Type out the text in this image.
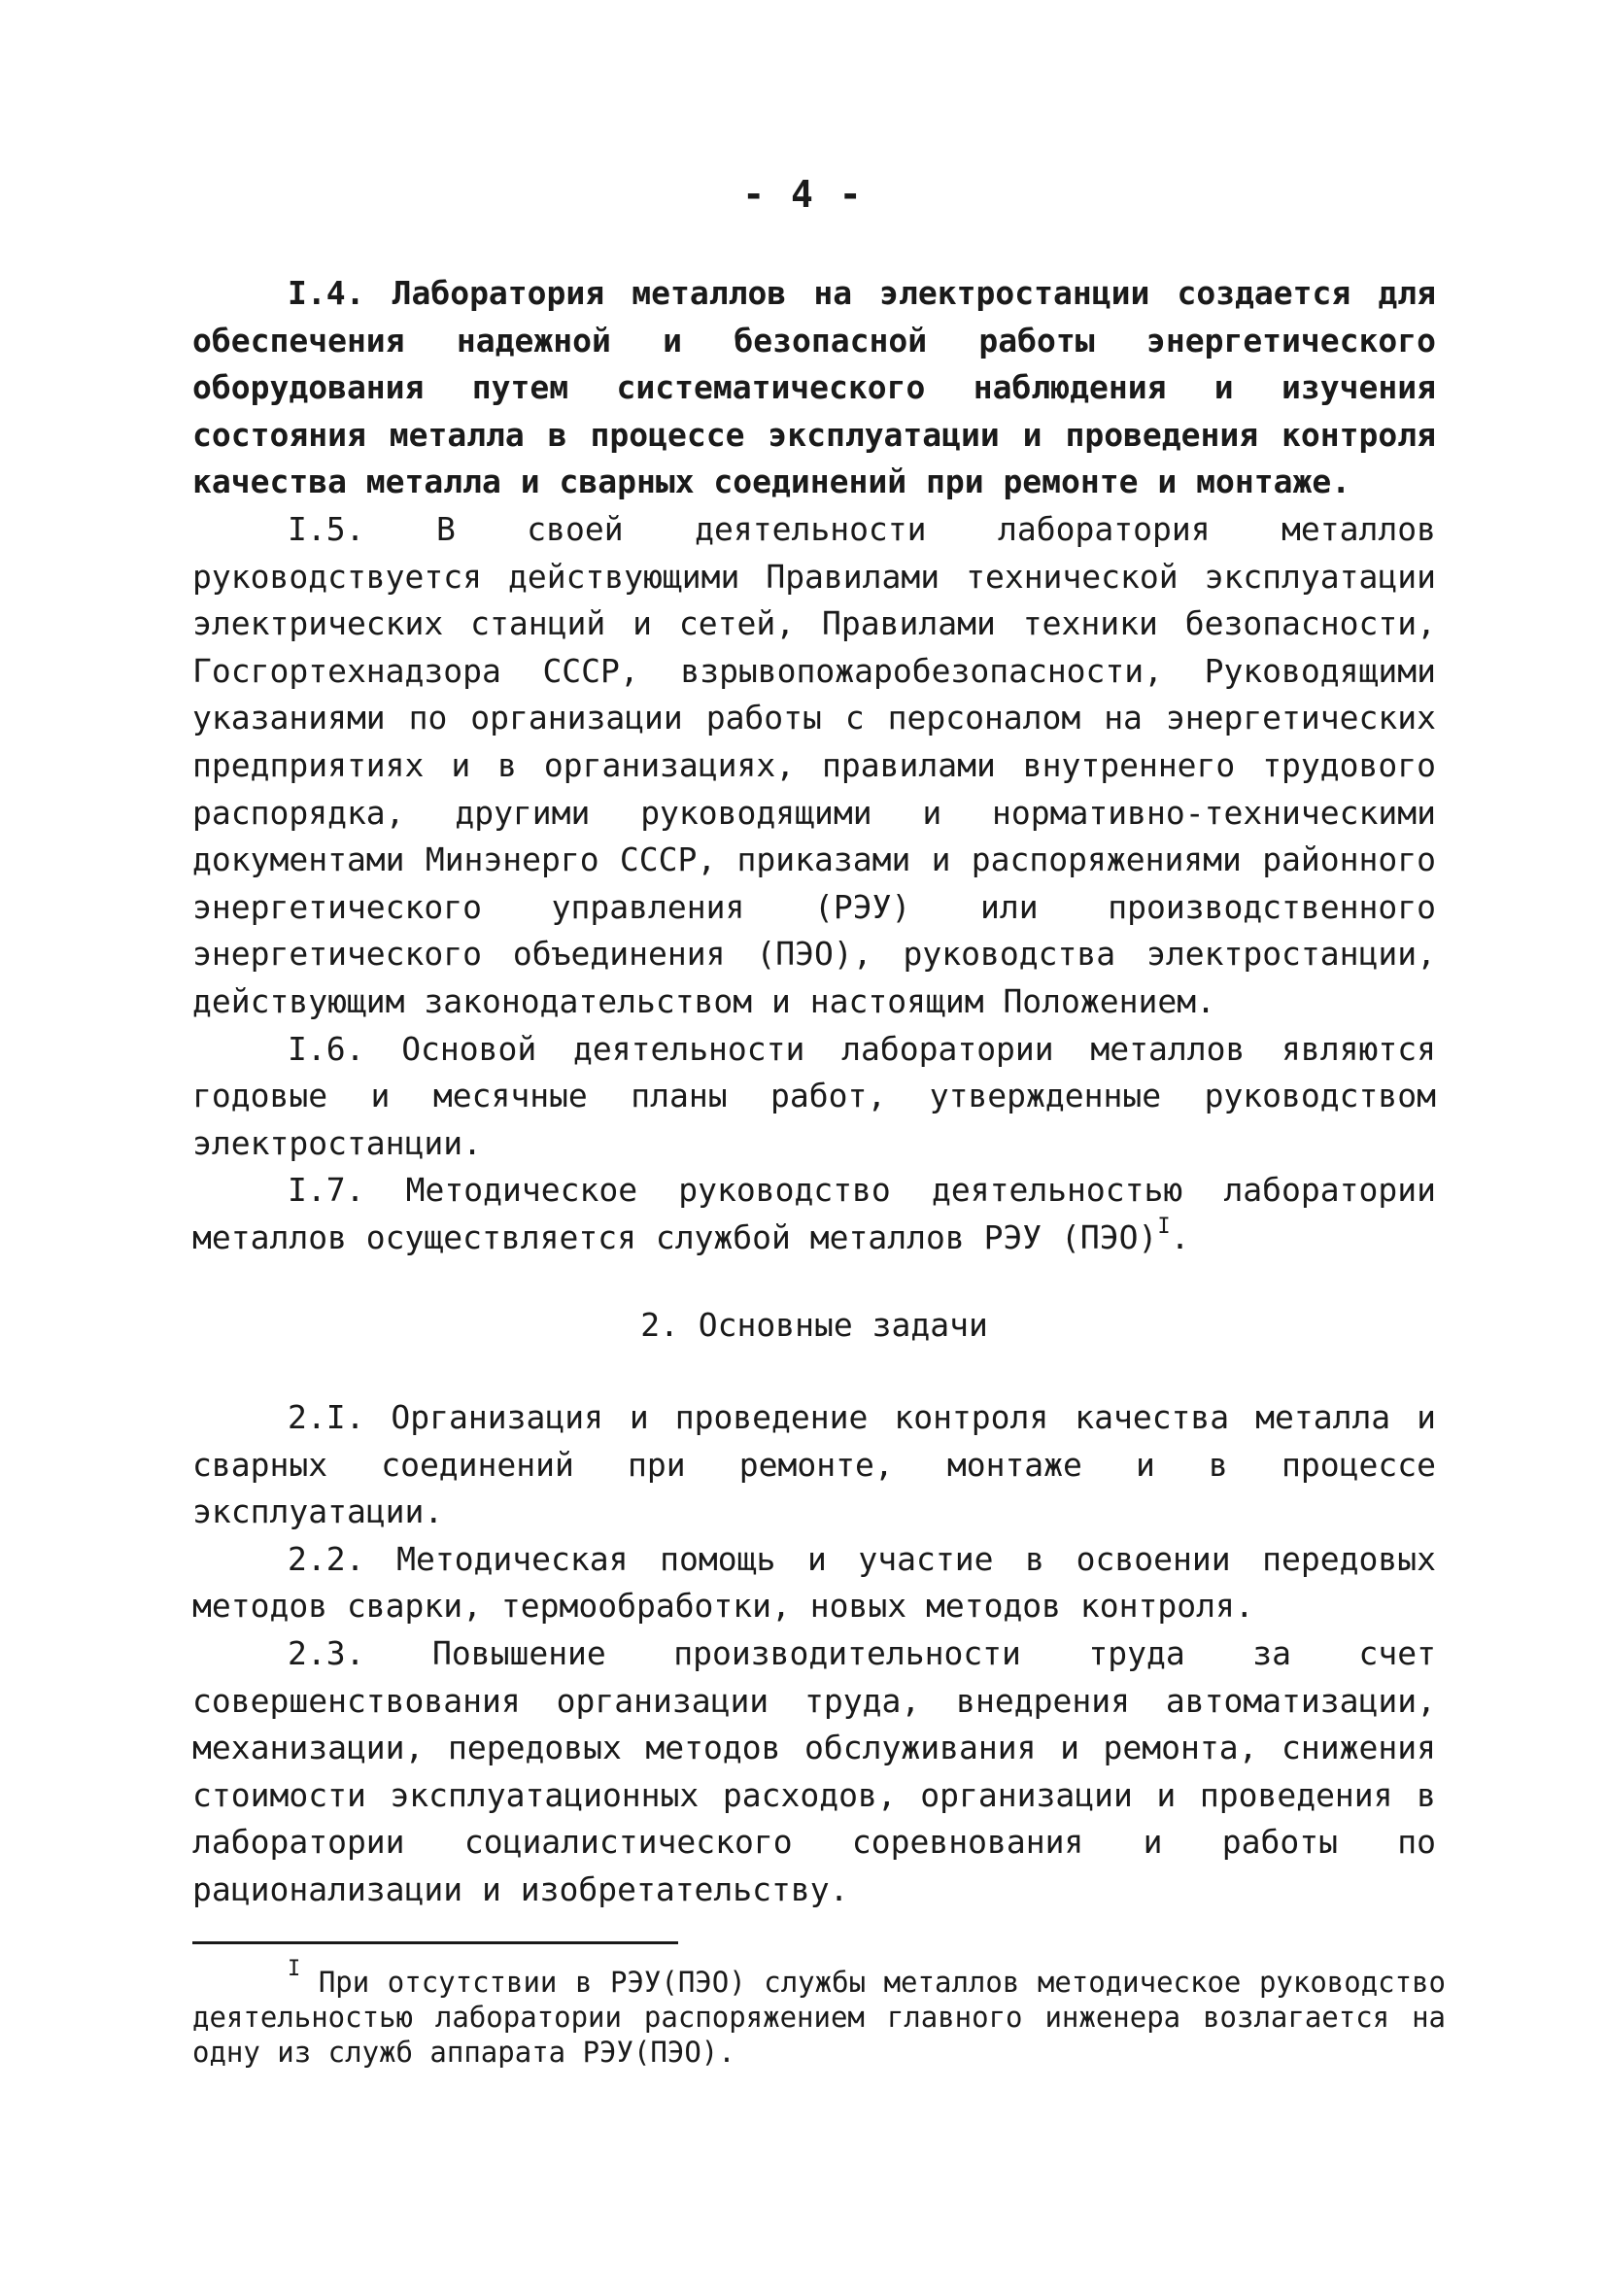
- 4 -

I.4. Лаборатория металлов на электростанции создается для обеспечения надежной и безопасной работы энергетического оборудования путем систематического наблюдения и изучения состояния металла в процессе эксплуатации и проведения контроля качества металла и сварных соединений при ремонте и монтаже.

I.5. В своей деятельности лаборатория металлов руководствуется действующими Правилами технической эксплуатации электрических станций и сетей, Правилами техники безопасности, Госгортехнадзора СССР, взрывопожаробезопасности, Руководящими указаниями по организации работы с персоналом на энергетических предприятиях и в организациях, правилами внутреннего трудового распорядка, другими руководящими и нормативно-техническими документами Минэнерго СССР, приказами и распоряжениями районного энергетического управления (РЭУ) или производственного энергетического объединения (ПЭО), руководства электростанции, действующим законодательством и настоящим Положением.

I.6. Основой деятельности лаборатории металлов являются годовые и месячные планы работ, утвержденные руководством электростанции.

I.7. Методическое руководство деятельностью лаборатории металлов осуществляется службой металлов РЭУ (ПЭО)$^I$.

2. Основные задачи

2.I. Организация и проведение контроля качества металла и сварных соединений при ремонте, монтаже и в процессе эксплуатации.

2.2. Методическая помощь и участие в освоении передовых методов сварки, термообработки, новых методов контроля.

2.3. Повышение производительности труда за счет совершенствования организации труда, внедрения автоматизации, механизации, передовых методов обслуживания и ремонта, снижения стоимости эксплуатационных расходов, организации и проведения в лаборатории социалистического соревнования и работы по рационализации и изобретательству.

$^I$ При отсутствии в РЭУ(ПЭО) службы металлов методическое руководство деятельностью лаборатории распоряжением главного инженера возлагается на одну из служб аппарата РЭУ(ПЭО).
